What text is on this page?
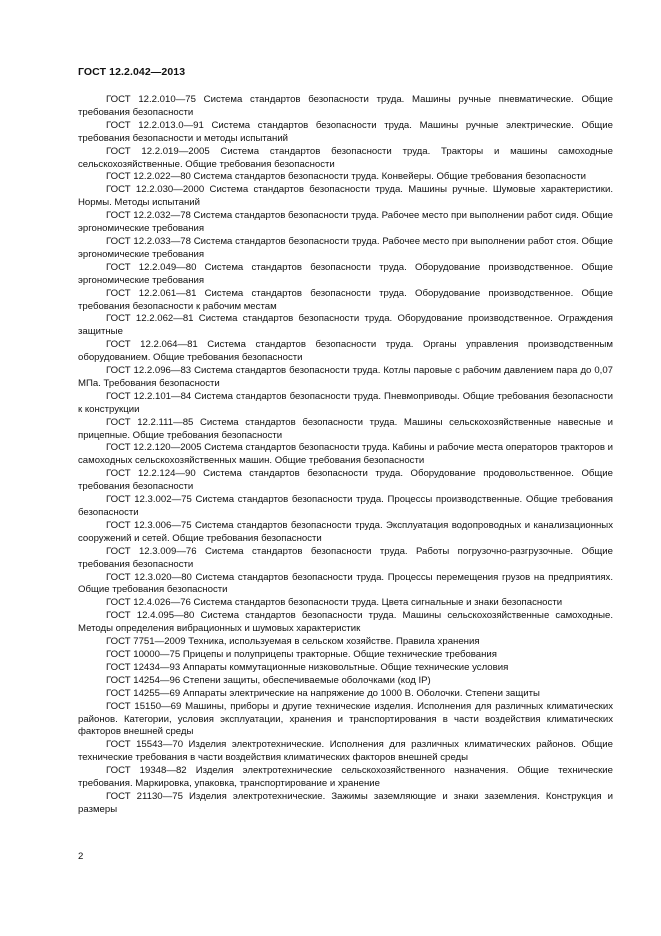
ГОСТ 12.2.042—2013

ГОСТ 12.2.010—75 Система стандартов безопасности труда. Машины ручные пневматические. Общие требования безопасности

ГОСТ 12.2.013.0—91 Система стандартов безопасности труда. Машины ручные электрические. Общие требования безопасности и методы испытаний

ГОСТ 12.2.019—2005 Система стандартов безопасности труда. Тракторы и машины самоходные сельскохозяйственные. Общие требования безопасности

ГОСТ 12.2.022—80 Система стандартов безопасности труда. Конвейеры. Общие требования безопасности

ГОСТ 12.2.030—2000 Система стандартов безопасности труда. Машины ручные. Шумовые характеристики. Нормы. Методы испытаний

ГОСТ 12.2.032—78 Система стандартов безопасности труда. Рабочее место при выполнении работ сидя. Общие эргономические требования

ГОСТ 12.2.033—78 Система стандартов безопасности труда. Рабочее место при выполнении работ стоя. Общие эргономические требования

ГОСТ 12.2.049—80 Система стандартов безопасности труда. Оборудование производственное. Общие эргономические требования

ГОСТ 12.2.061—81 Система стандартов безопасности труда. Оборудование производственное. Общие требования безопасности к рабочим местам

ГОСТ 12.2.062—81 Система стандартов безопасности труда. Оборудование производственное. Ограждения защитные

ГОСТ 12.2.064—81 Система стандартов безопасности труда. Органы управления производственным оборудованием. Общие требования безопасности

ГОСТ 12.2.096—83 Система стандартов безопасности труда. Котлы паровые с рабочим давлением пара до 0,07 МПа. Требования безопасности

ГОСТ 12.2.101—84 Система стандартов безопасности труда. Пневмоприводы. Общие требования безопасности к конструкции

ГОСТ 12.2.111—85 Система стандартов безопасности труда. Машины сельскохозяйственные навесные и прицепные. Общие требования безопасности

ГОСТ 12.2.120—2005 Система стандартов безопасности труда. Кабины и рабочие места операторов тракторов и самоходных сельскохозяйственных машин. Общие требования безопасности

ГОСТ 12.2.124—90 Система стандартов безопасности труда. Оборудование продовольственное. Общие требования безопасности

ГОСТ 12.3.002—75 Система стандартов безопасности труда. Процессы производственные. Общие требования безопасности

ГОСТ 12.3.006—75 Система стандартов безопасности труда. Эксплуатация водопроводных и канализационных сооружений и сетей. Общие требования безопасности

ГОСТ 12.3.009—76 Система стандартов безопасности труда. Работы погрузочно-разгрузочные. Общие требования безопасности

ГОСТ 12.3.020—80 Система стандартов безопасности труда. Процессы перемещения грузов на предприятиях. Общие требования безопасности

ГОСТ 12.4.026—76 Система стандартов безопасности труда. Цвета сигнальные и знаки безопасности

ГОСТ 12.4.095—80 Система стандартов безопасности труда. Машины сельскохозяйственные самоходные. Методы определения вибрационных и шумовых характеристик

ГОСТ 7751—2009 Техника, используемая в сельском хозяйстве. Правила хранения

ГОСТ 10000—75 Прицепы и полуприцепы тракторные. Общие технические требования

ГОСТ 12434—93 Аппараты коммутационные низковольтные. Общие технические условия

ГОСТ 14254—96 Степени защиты, обеспечиваемые оболочками (код IP)

ГОСТ 14255—69 Аппараты электрические на напряжение до 1000 В. Оболочки. Степени защиты

ГОСТ 15150—69 Машины, приборы и другие технические изделия. Исполнения для различных климатических районов. Категории, условия эксплуатации, хранения и транспортирования в части воздействия климатических факторов внешней среды

ГОСТ 15543—70 Изделия электротехнические. Исполнения для различных климатических районов. Общие технические требования в части воздействия климатических факторов внешней среды

ГОСТ 19348—82 Изделия электротехнические сельскохозяйственного назначения. Общие технические требования. Маркировка, упаковка, транспортирование и хранение

ГОСТ 21130—75 Изделия электротехнические. Зажимы заземляющие и знаки заземления. Конструкция и размеры

2
